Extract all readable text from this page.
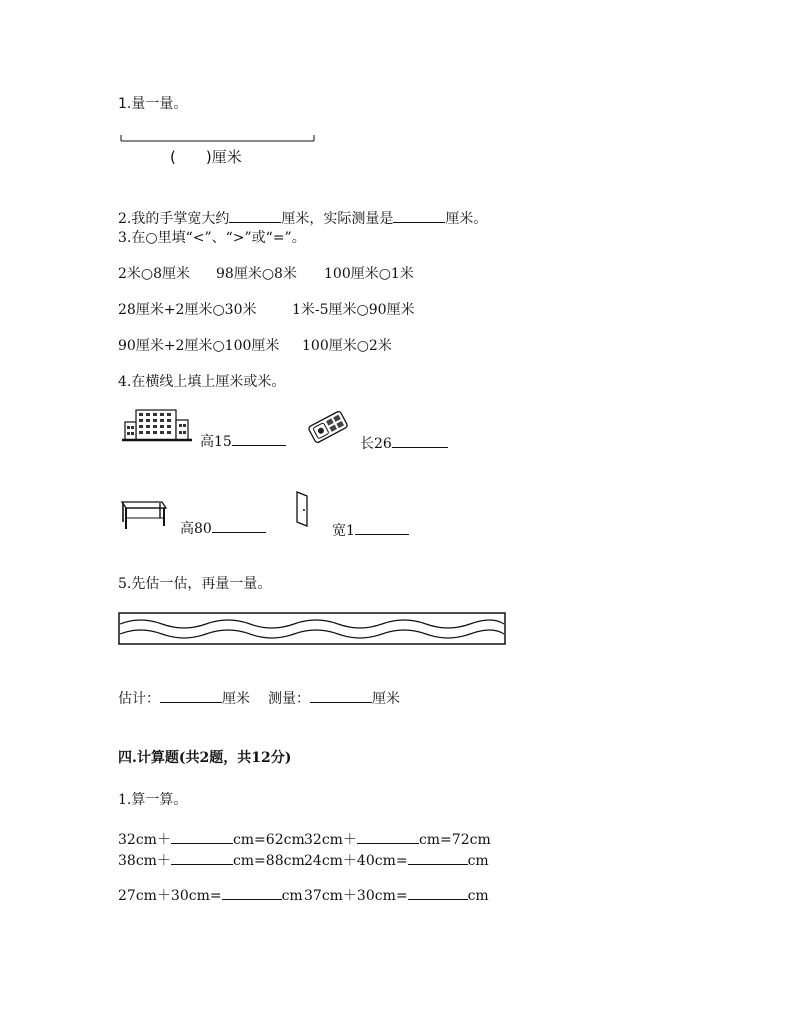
1.量一量。
( )厘米
2.我的手掌宽大约	厘米，实际测量是	厘米。
3.在○里填“<”、“>”或“=”。
2米○8厘米 98厘米○8米 100厘米○1米
28厘米+2厘米○30米	1米-5厘米○90厘米
90厘米+2厘米○100厘米 100厘米○2米
4.在横线上填上厘米或米。
高15	长26
高80	宽1
5.先估一估，再量一量。
估计：	厘米 测量：	厘米
四.计算题(共2题，共12分)
1.算一算。
32cm＋	cm=62cm 32cm＋	cm=72cm
38cm＋	cm=88cm 24cm＋40cm=	cm
27cm＋30cm=	cm 37cm＋30cm=	cm
